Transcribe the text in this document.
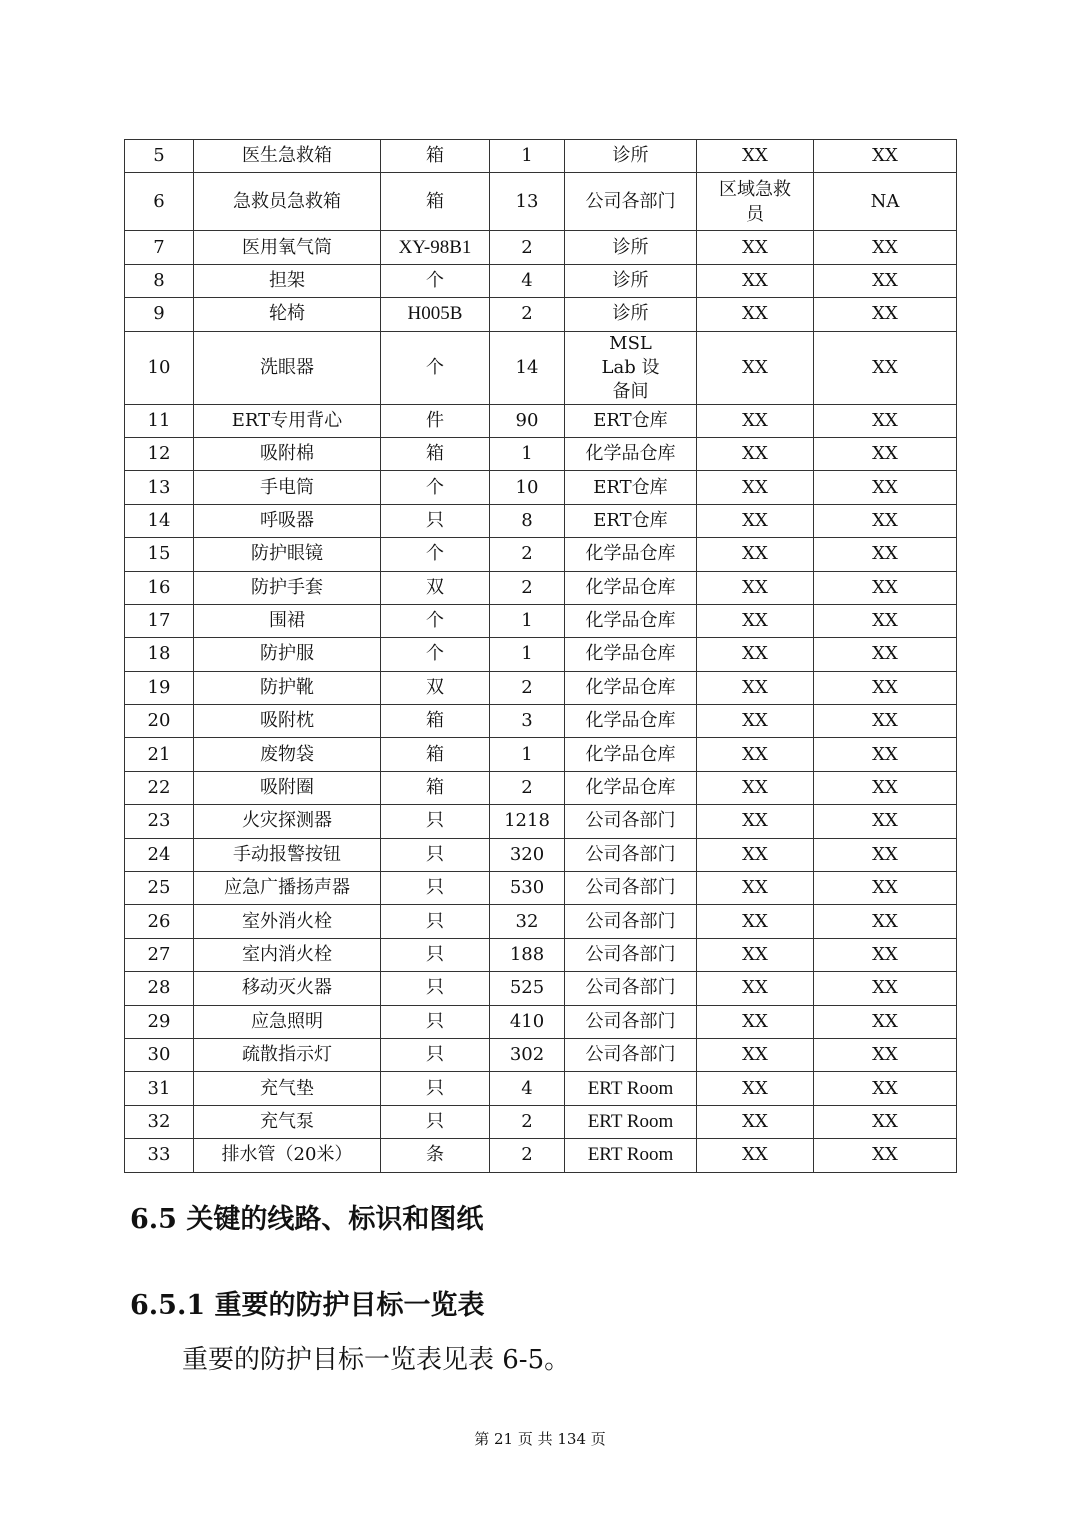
5	医生急救箱	箱	1	诊所	XX	XX
6	急救员急救箱	箱	13	公司各部门	区域急救员	NA
7	医用氧气筒	XY-98B1	2	诊所	XX	XX
8	担架	个	4	诊所	XX	XX
9	轮椅	H005B	2	诊所	XX	XX
10	洗眼器	个	14	MSL Lab 设备间	XX	XX
11	ERT专用背心	件	90	ERT仓库	XX	XX
12	吸附棉	箱	1	化学品仓库	XX	XX
13	手电筒	个	10	ERT仓库	XX	XX
14	呼吸器	只	8	ERT仓库	XX	XX
15	防护眼镜	个	2	化学品仓库	XX	XX
16	防护手套	双	2	化学品仓库	XX	XX
17	围裙	个	1	化学品仓库	XX	XX
18	防护服	个	1	化学品仓库	XX	XX
19	防护靴	双	2	化学品仓库	XX	XX
20	吸附枕	箱	3	化学品仓库	XX	XX
21	废物袋	箱	1	化学品仓库	XX	XX
22	吸附圈	箱	2	化学品仓库	XX	XX
23	火灾探测器	只	1218	公司各部门	XX	XX
24	手动报警按钮	只	320	公司各部门	XX	XX
25	应急广播扬声器	只	530	公司各部门	XX	XX
26	室外消火栓	只	32	公司各部门	XX	XX
27	室内消火栓	只	188	公司各部门	XX	XX
28	移动灭火器	只	525	公司各部门	XX	XX
29	应急照明	只	410	公司各部门	XX	XX
30	疏散指示灯	只	302	公司各部门	XX	XX
31	充气垫	只	4	ERT Room	XX	XX
32	充气泵	只	2	ERT Room	XX	XX
33	排水管（20米）	条	2	ERT Room	XX	XX
6.5 关键的线路、标识和图纸
6.5.1 重要的防护目标一览表

重要的防护目标一览表见表 6-5。

第 21 页 共 134 页
